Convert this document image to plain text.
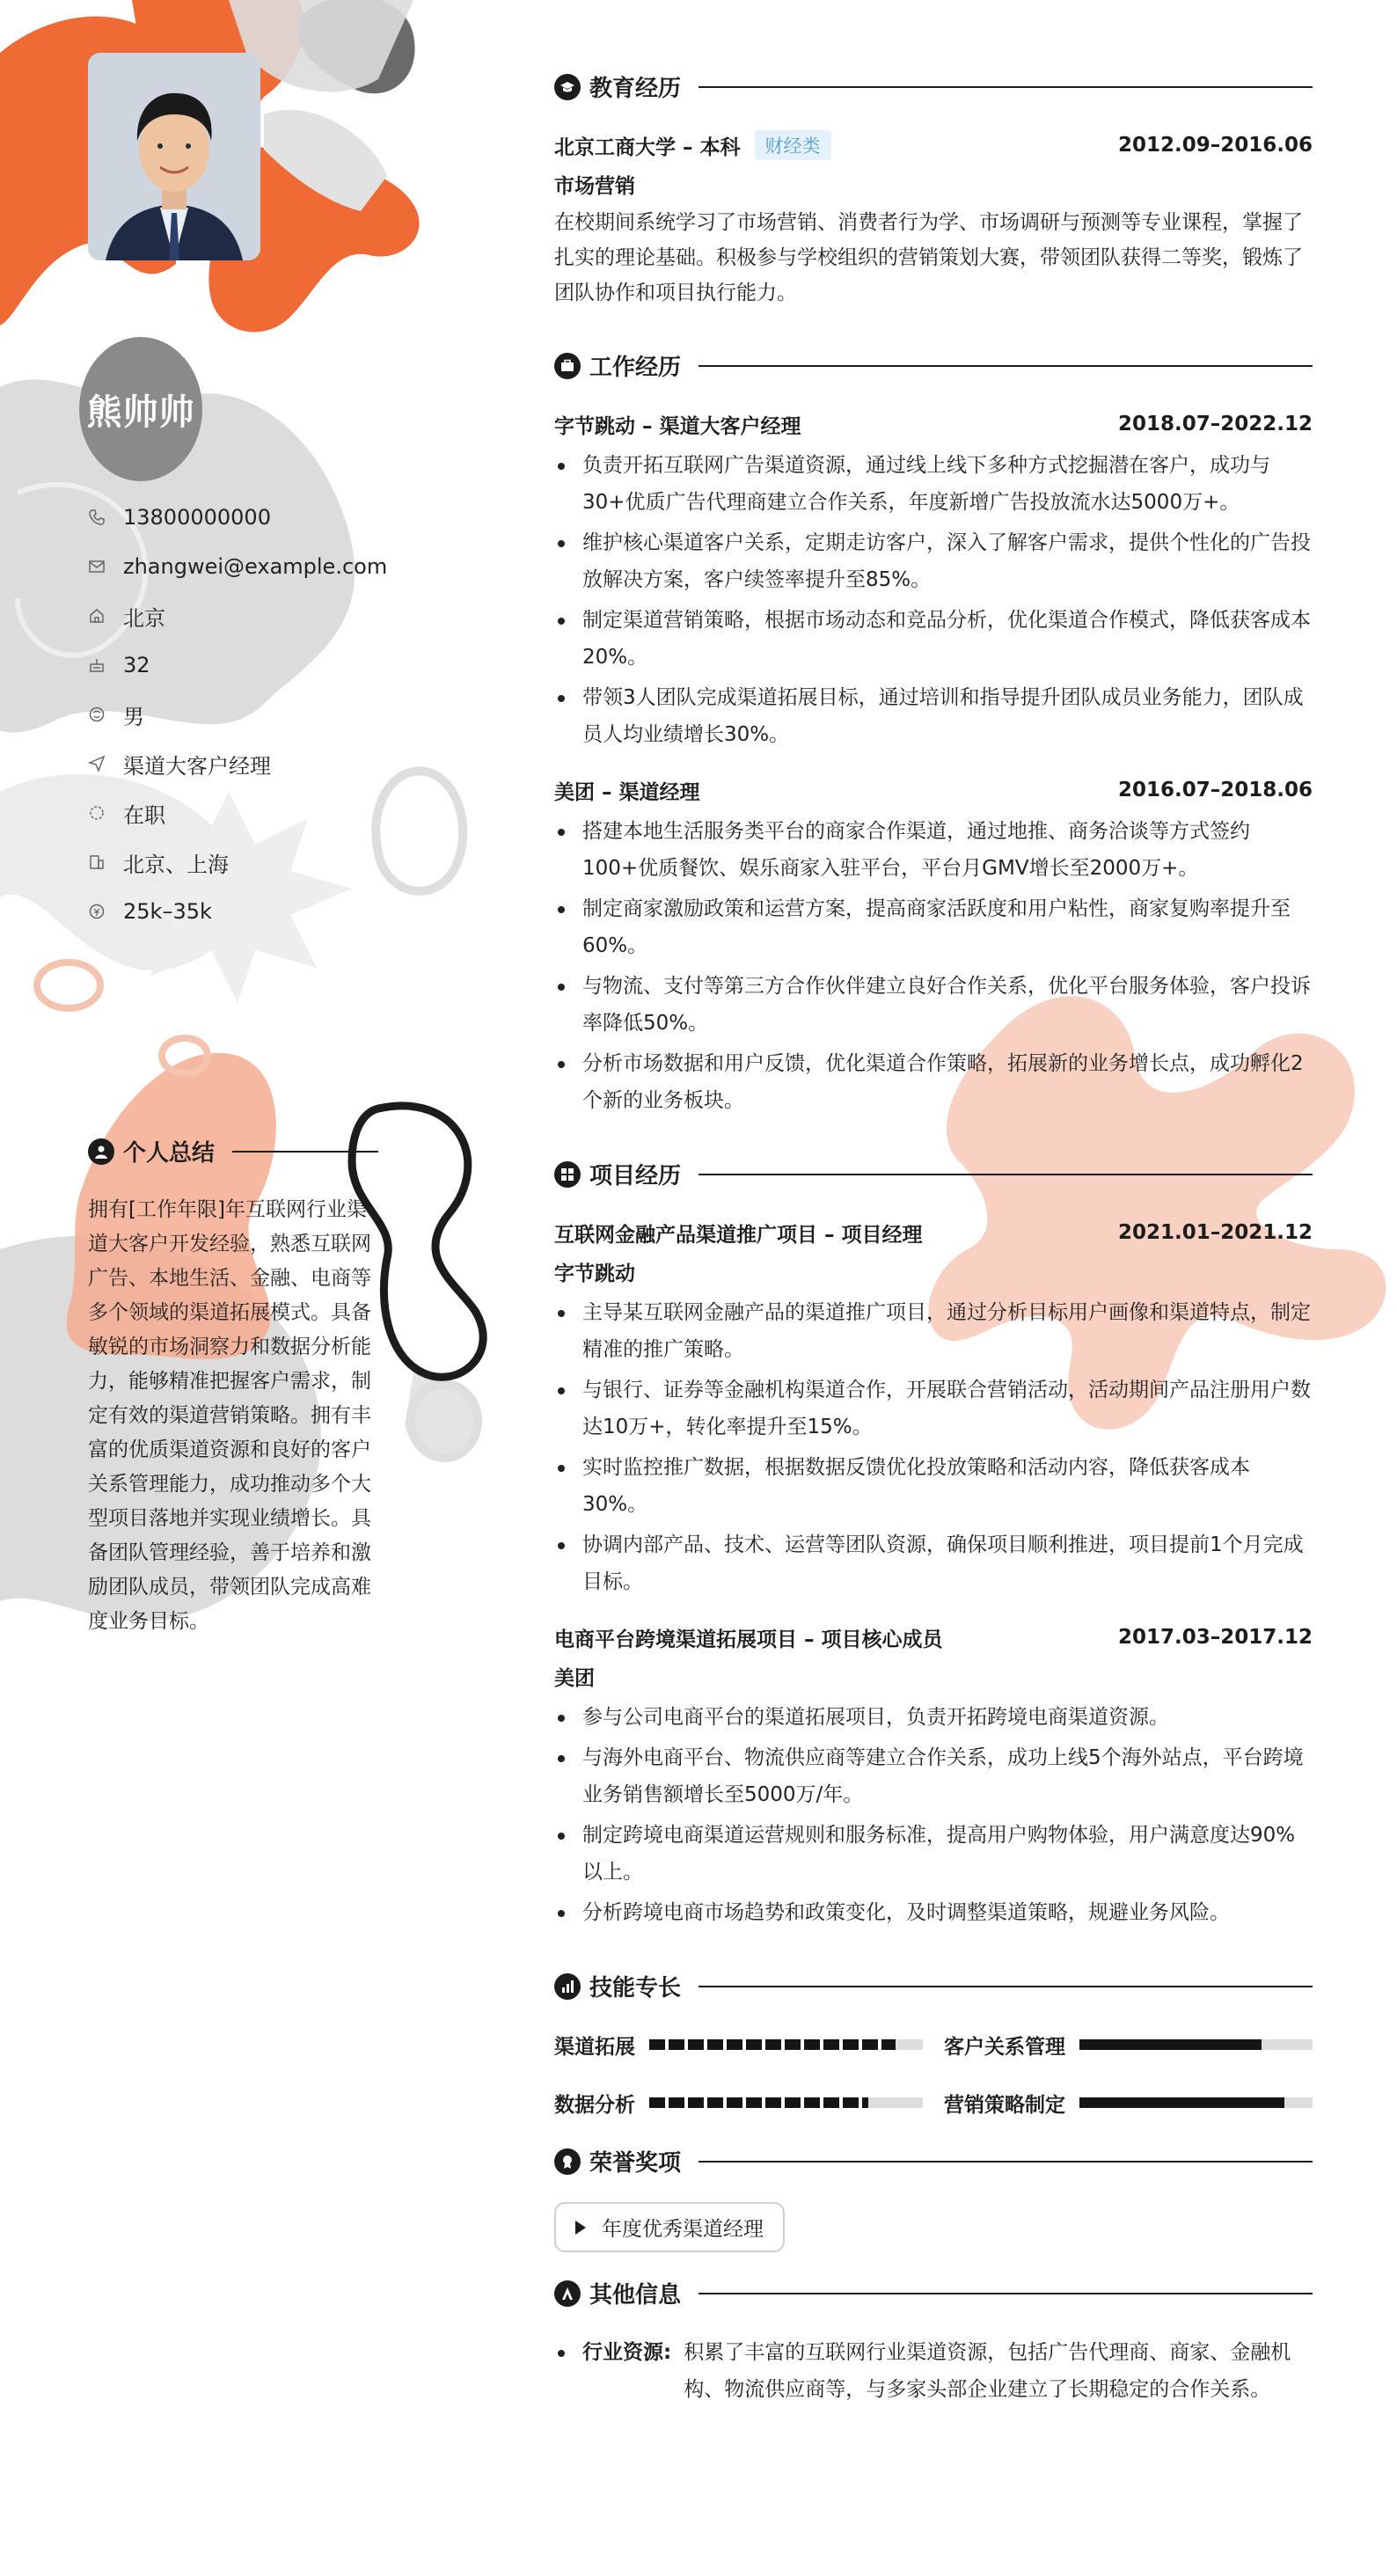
熊帅帅
13800000000
zhangwei@example.com
北京
32
男
渠道大客户经理
在职
北京、上海
25k–35k
个人总结
拥有[工作年限]年互联网行业渠道大客户开发经验，熟悉互联网广告、本地生活、金融、电商等多个领域的渠道拓展模式。具备敏锐的市场洞察力和数据分析能力，能够精准把握客户需求，制定有效的渠道营销策略。拥有丰富的优质渠道资源和良好的客户关系管理能力，成功推动多个大型项目落地并实现业绩增长。具备团队管理经验，善于培养和激励团队成员，带领团队完成高难度业务目标。
教育经历
北京工商大学 – 本科	财经类	2012.09–2016.06
市场营销
在校期间系统学习了市场营销、消费者行为学、市场调研与预测等专业课程，掌握了扎实的理论基础。积极参与学校组织的营销策划大赛，带领团队获得二等奖，锻炼了团队协作和项目执行能力。
工作经历
字节跳动 – 渠道大客户经理	2018.07–2022.12
负责开拓互联网广告渠道资源，通过线上线下多种方式挖掘潜在客户，成功与30+优质广告代理商建立合作关系，年度新增广告投放流水达5000万+。
维护核心渠道客户关系，定期走访客户，深入了解客户需求，提供个性化的广告投放解决方案，客户续签率提升至85%。
制定渠道营销策略，根据市场动态和竞品分析，优化渠道合作模式，降低获客成本20%。
带领3人团队完成渠道拓展目标，通过培训和指导提升团队成员业务能力，团队成员人均业绩增长30%。
美团 – 渠道经理	2016.07–2018.06
搭建本地生活服务类平台的商家合作渠道，通过地推、商务洽谈等方式签约100+优质餐饮、娱乐商家入驻平台，平台月GMV增长至2000万+。
制定商家激励政策和运营方案，提高商家活跃度和用户粘性，商家复购率提升至60%。
与物流、支付等第三方合作伙伴建立良好合作关系，优化平台服务体验，客户投诉率降低50%。
分析市场数据和用户反馈，优化渠道合作策略，拓展新的业务增长点，成功孵化2个新的业务板块。
项目经历
互联网金融产品渠道推广项目 – 项目经理	2021.01–2021.12
字节跳动
主导某互联网金融产品的渠道推广项目，通过分析目标用户画像和渠道特点，制定精准的推广策略。
与银行、证券等金融机构渠道合作，开展联合营销活动，活动期间产品注册用户数达10万+，转化率提升至15%。
实时监控推广数据，根据数据反馈优化投放策略和活动内容，降低获客成本30%。
协调内部产品、技术、运营等团队资源，确保项目顺利推进，项目提前1个月完成目标。
电商平台跨境渠道拓展项目 – 项目核心成员	2017.03–2017.12
美团
参与公司电商平台的渠道拓展项目，负责开拓跨境电商渠道资源。
与海外电商平台、物流供应商等建立合作关系，成功上线5个海外站点，平台跨境业务销售额增长至5000万/年。
制定跨境电商渠道运营规则和服务标准，提高用户购物体验，用户满意度达90%以上。
分析跨境电商市场趋势和政策变化，及时调整渠道策略，规避业务风险。
技能专长
渠道拓展	客户关系管理
数据分析	营销策略制定
荣誉奖项
年度优秀渠道经理
其他信息
行业资源: 积累了丰富的互联网行业渠道资源，包括广告代理商、商家、金融机构、物流供应商等，与多家头部企业建立了长期稳定的合作关系。
